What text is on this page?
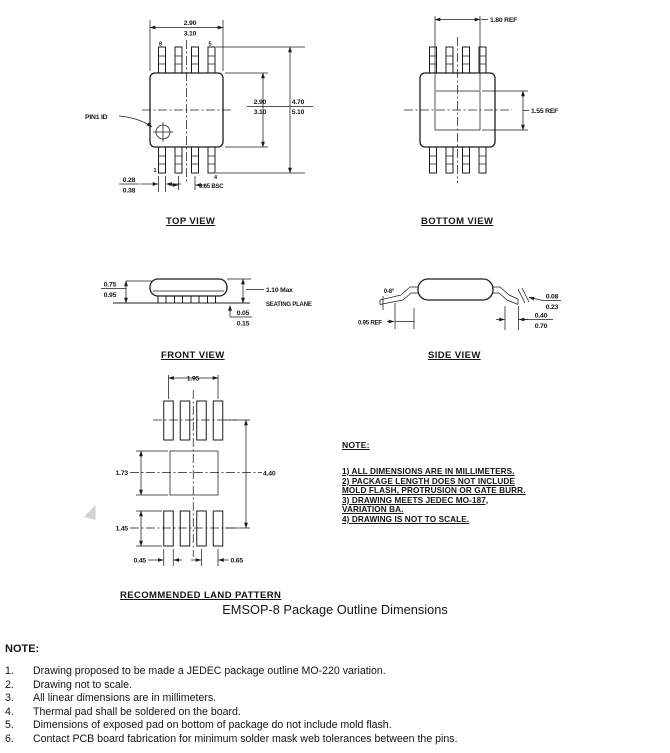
PIN1 ID
8	5
1
4
2.90
3.10
2.90
3.10
4.70
5.10
0.28
0.38
0.65 BSC
1.80 REF
1.55 REF
0.75
0.95
1.10 Max
SEATING PLANE
0.05
0.15
0-8°
0.95 REF
0.08
0.23
0.40
0.70
1.95
4.40
1.73
1.45
0.45	0.65
TOP VIEW	BOTTOM VIEW
FRONT VIEW	SIDE VIEW
RECOMMENDED LAND PATTERN
NOTE:
1) ALL DIMENSIONS ARE IN MILLIMETERS.
2) PACKAGE LENGTH DOES NOT INCLUDE
MOLD FLASH, PROTRUSION OR GATE BURR.
3) DRAWING MEETS JEDEC MO-187,
VARIATION BA.
4) DRAWING IS NOT TO SCALE.
EMSOP-8 Package Outline Dimensions
NOTE:
1.	Drawing proposed to be made a JEDEC package outline MO-220 variation.
2.	Drawing not to scale.
3.	All linear dimensions are in millimeters.
4.	Thermal pad shall be soldered on the board.
5.	Dimensions of exposed pad on bottom of package do not include mold flash.
6.	Contact PCB board fabrication for minimum solder mask web tolerances between the pins.
